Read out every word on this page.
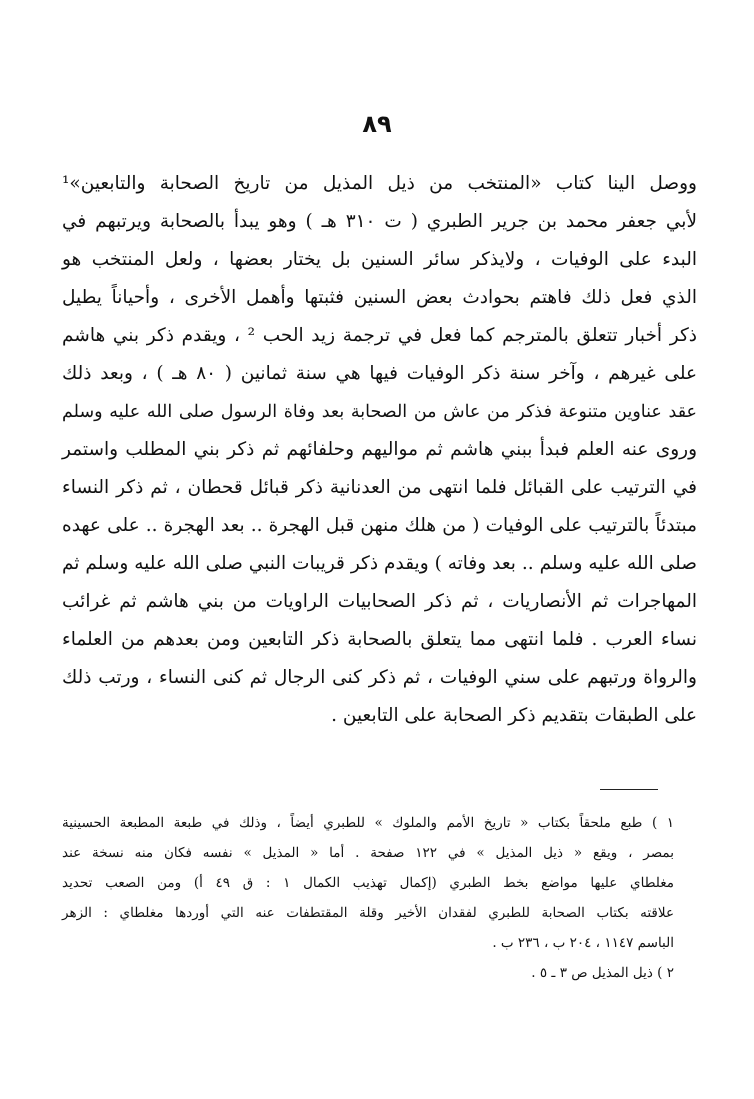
٨٩
ووصل الينا كتاب «المنتخب من ذيل المذيل من تاريخ الصحابة والتابعين»¹
لأبي جعفر محمد بن جرير الطبري ( ت ٣١٠ هـ ) وهو يبدأ بالصحابة ويرتبهم في
البدء على الوفيات ، ولايذكر سائر السنين بل يختار بعضها ، ولعل المنتخب هو
الذي فعل ذلك فاهتم بحوادث بعض السنين فثبتها وأهمل الأخرى ، وأحياناً يطيل
ذكر أخبار تتعلق بالمترجم كما فعل في ترجمة زيد الحب ² ، ويقدم ذكر بني هاشم
على غيرهم ، وآخر سنة ذكر الوفيات فيها هي سنة ثمانين ( ٨٠ هـ ) ، وبعد ذلك
عقد عناوين متنوعة فذكر من عاش من الصحابة بعد وفاة الرسول صلى الله عليه وسلم
وروى عنه العلم فبدأ ببني هاشم ثم مواليهم وحلفائهم ثم ذكر بني المطلب واستمر
في الترتيب على القبائل فلما انتهى من العدنانية ذكر قبائل قحطان ، ثم ذكر النساء
مبتدئاً بالترتيب على الوفيات ( من هلك منهن قبل الهجرة .. بعد الهجرة .. على عهده
صلى الله عليه وسلم .. بعد وفاته ) ويقدم ذكر قريبات النبي صلى الله عليه وسلم ثم
المهاجرات ثم الأنصاريات ، ثم ذكر الصحابيات الراويات من بني هاشم ثم غرائب
نساء العرب . فلما انتهى مما يتعلق بالصحابة ذكر التابعين ومن بعدهم من العلماء
والرواة ورتبهم على سني الوفيات ، ثم ذكر كنى الرجال ثم كنى النساء ، ورتب ذلك
على الطبقات بتقديم ذكر الصحابة على التابعين .
١ ) طبع ملحقاً بكتاب « تاريخ الأمم والملوك » للطبري أيضاً ، وذلك في طبعة المطبعة الحسينية
بمصر ، ويقع « ذيل المذيل » في ١٢٢ صفحة . أما « المذيل » نفسه فكان منه نسخة عند
مغلطاي عليها مواضع بخط الطبري (إكمال تهذيب الكمال ١ : ق ٤٩ أ) ومن الصعب تحديد
علاقته بكتاب الصحابة للطبري لفقدان الأخير وقلة المقتطفات عنه التي أوردها مغلطاي : الزهر
الباسم ١١٤٧ ، ٢٠٤ ب ، ٢٣٦ ب .
٢ ) ذيل المذيل ص ٣ ـ ٥ .
